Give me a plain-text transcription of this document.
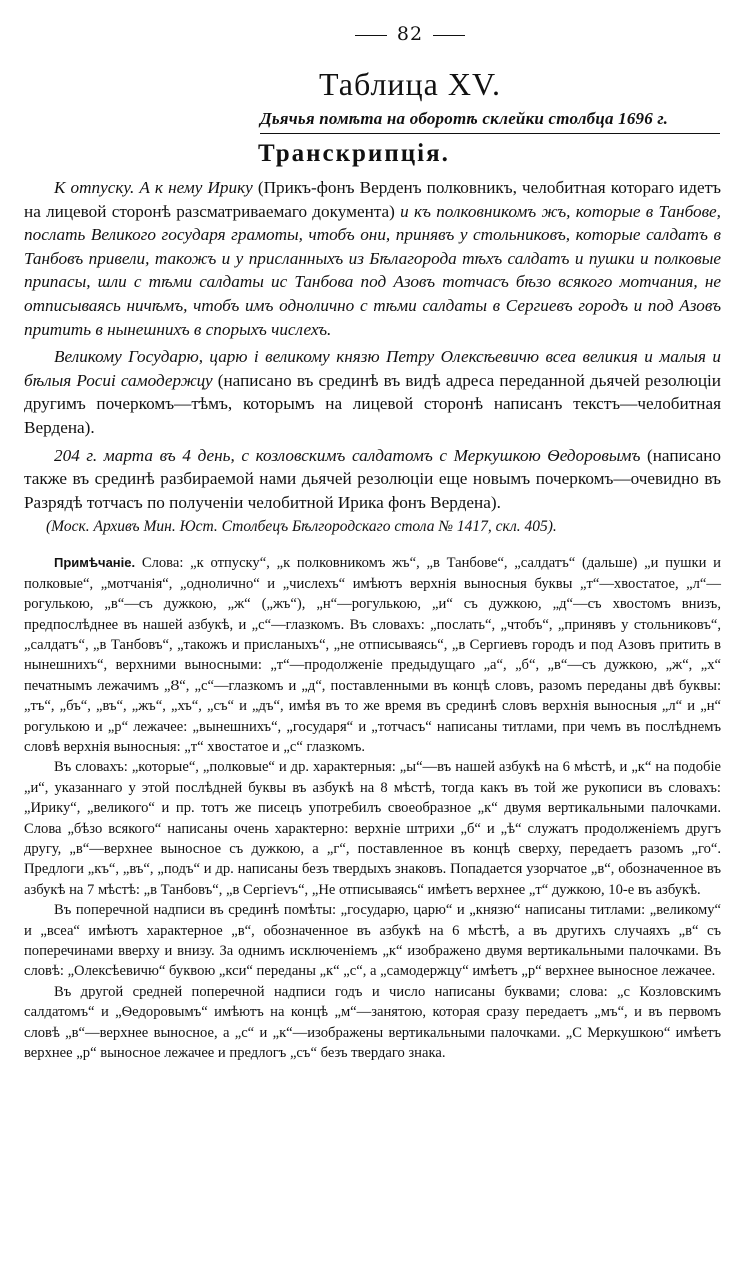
82
Таблица XV.
Дьячья помѣта на оборотѣ склейки столбца 1696 г.
Транскрипція.

К отпуску. А к нему Ирику (Прикъ-фонъ Верденъ полковникъ, челобитная котораго идетъ на лицевой сторонѣ разсматриваемаго документа) и къ полковникомъ жъ, которые в Танбове, послать Великого государя грамоты, чтобъ они, принявъ у стольниковъ, которые салдатъ в Танбовъ привели, такожъ и у присланныхъ из Бѣлагорода тѣхъ салдатъ и пушки и полковые припасы, шли с тѣми салдаты ис Танбова под Азовъ тотчасъ бѣзо всякого мотчания, не отписываясь ничѣмъ, чтобъ имъ одноличнo с тѣми салдаты в Сергиевъ городъ и под Азовъ притить в нынешнихъ в спорыхъ числехъ.

Великому Государю, царю і великому князю Петру Олексѣевичю всеа великия и малыя и бѣлыя Росиі самодержцу (написано въ срединѣ въ видѣ адреса переданной дьячей резолюціи другимъ почеркомъ—тѣмъ, которымъ на лицевой сторонѣ написанъ текстъ—челобитная Вердена).

204 г. марта въ 4 день, с козловскимъ салдатомъ с Меркушкою Ѳедоровымъ (написано также въ срединѣ разбираемой нами дьячей резолюціи еще новымъ почеркомъ—очевидно въ Разрядѣ тотчасъ по полученіи челобитной Ирика фонъ Вердена).

(Моск. Архивъ Мин. Юст. Столбецъ Бѣлгородскаго стола № 1417, скл. 405).

Примѣчаніе. Слова: „к отпуску“, „к полковникомъ жъ“, „в Танбове“, „салдатъ“ (дальше) „и пушки и полковые“, „мотчанія“, „одноличнo“ и „числехъ“ имѣютъ верхнія выносныя буквы „т“—хвостатое, „л“—рогулькою, „в“—съ дужкою, „ж“ („жъ“), „н“—рогулькою, „и“ съ дужкою, „д“—съ хвостомъ внизъ, предпослѣднее въ нашей азбукѣ, и „с“—глазкомъ. Въ словахъ: „послать“, „чтобъ“, „принявъ у стольниковъ“, „салдатъ“, „в Танбовъ“, „такожъ и присланыхъ“, „не отписываясь“, „в Сергиевъ городъ и под Азовъ притить в нынешнихъ“, верхними выносными: „т“—продолженіе предыдущаго „а“, „б“, „в“—съ дужкою, „ж“, „х“ печатнымъ лежачимъ „Ȣ“, „с“—глазкомъ и „д“, поставленными въ концѣ словъ, разомъ переданы двѣ буквы: „тъ“, „бъ“, „въ“, „жъ“, „хъ“, „съ“ и „дъ“, имѣя въ то же время въ срединѣ словъ верхнія выносныя „л“ и „н“ рогулькою и „р“ лежачее: „вынешнихъ“, „государя“ и „тотчасъ“ написаны титлами, при чемъ въ послѣднемъ словѣ верхнія выносныя: „т“ хвостатое и „с“ глазкомъ.

Въ словахъ: „которые“, „полковые“ и др. характерныя: „ы“—въ нашей азбукѣ на 6 мѣстѣ, и „к“ на подобіе „и“, указаннаго у этой послѣдней буквы въ азбукѣ на 8 мѣстѣ, тогда какъ въ той же рукописи въ словахъ: „Ирику“, „великого“ и пр. тотъ же писецъ употребилъ своеобразное „к“ двумя вертикальными палочками. Слова „бѣзо всякого“ написаны очень характерно: верхніе штрихи „б“ и „ѣ“ служатъ продолженіемъ другъ другу, „в“—верхнее выносное съ дужкою, а „г“, поставленное въ концѣ сверху, передаетъ разомъ „го“. Предлоги „къ“, „въ“, „подъ“ и др. написаны безъ твердыхъ знаковъ. Попадается узорчатое „в“, обозначенное въ азбукѣ на 7 мѣстѣ: „в Танбовъ“, „в Сергievъ“, „Не отписываясь“ имѣетъ верхнее „т“ дужкою, 10-е въ азбукѣ.

Въ поперечной надписи въ срединѣ помѣты: „государю, царю“ и „князю“ написаны титлами: „великому“ и „всеа“ имѣютъ характерное „в“, обозначенное въ азбукѣ на 6 мѣстѣ, а въ другихъ случаяхъ „в“ съ поперечинами вверху и внизу. За однимъ исключеніемъ „к“ изображено двумя вертикальными палочками. Въ словѣ: „Олексѣевичю“ буквою „кси“ переданы „к“ „с“, а „самодержцу“ имѣетъ „р“ верхнее выносное лежачее.

Въ другой средней поперечной надписи годъ и число написаны буквами; слова: „с Козловскимъ салдатомъ“ и „Ѳедоровымъ“ имѣютъ на концѣ „м“—занятою, которая сразу передаетъ „мъ“, и въ первомъ словѣ „в“—верхнее выносное, а „с“ и „к“—изображены вертикальными палочками. „С Меркушкою“ имѣетъ верхнее „р“ выносное лежачее и предлогъ „съ“ безъ твердаго знака.
